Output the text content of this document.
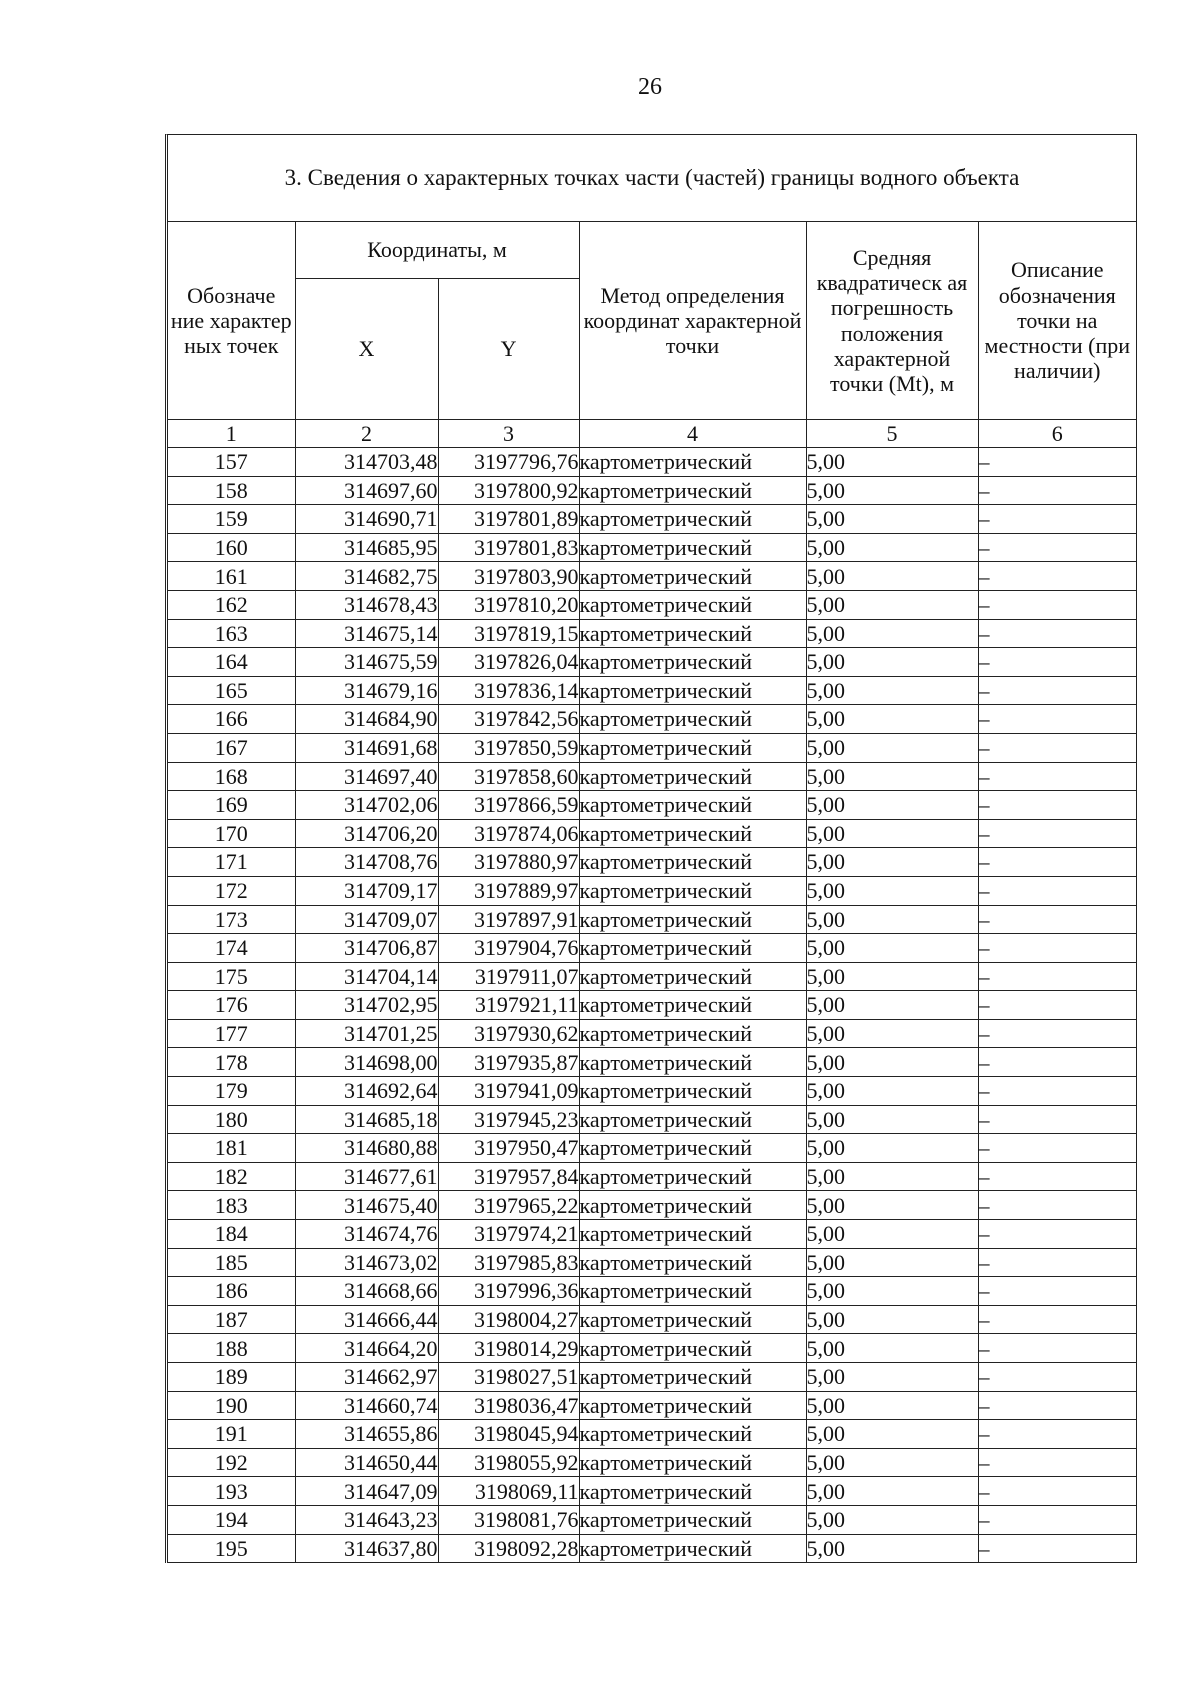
26
3. Сведения о характерных точках части (частей) границы водного объекта
Обозначе ние характер ных точек	Координаты, м		Метод определения координат характерной точки	Средняя квадратическ ая погрешность положения характерной точки (Mt), м	Описание обозначения точки на местности (при наличии)
	X	Y			
1	2	3	4	5	6
157	314703,48	3197796,76	картометрический	5,00	–
158	314697,60	3197800,92	картометрический	5,00	–
159	314690,71	3197801,89	картометрический	5,00	–
160	314685,95	3197801,83	картометрический	5,00	–
161	314682,75	3197803,90	картометрический	5,00	–
162	314678,43	3197810,20	картометрический	5,00	–
163	314675,14	3197819,15	картометрический	5,00	–
164	314675,59	3197826,04	картометрический	5,00	–
165	314679,16	3197836,14	картометрический	5,00	–
166	314684,90	3197842,56	картометрический	5,00	–
167	314691,68	3197850,59	картометрический	5,00	–
168	314697,40	3197858,60	картометрический	5,00	–
169	314702,06	3197866,59	картометрический	5,00	–
170	314706,20	3197874,06	картометрический	5,00	–
171	314708,76	3197880,97	картометрический	5,00	–
172	314709,17	3197889,97	картометрический	5,00	–
173	314709,07	3197897,91	картометрический	5,00	–
174	314706,87	3197904,76	картометрический	5,00	–
175	314704,14	3197911,07	картометрический	5,00	–
176	314702,95	3197921,11	картометрический	5,00	–
177	314701,25	3197930,62	картометрический	5,00	–
178	314698,00	3197935,87	картометрический	5,00	–
179	314692,64	3197941,09	картометрический	5,00	–
180	314685,18	3197945,23	картометрический	5,00	–
181	314680,88	3197950,47	картометрический	5,00	–
182	314677,61	3197957,84	картометрический	5,00	–
183	314675,40	3197965,22	картометрический	5,00	–
184	314674,76	3197974,21	картометрический	5,00	–
185	314673,02	3197985,83	картометрический	5,00	–
186	314668,66	3197996,36	картометрический	5,00	–
187	314666,44	3198004,27	картометрический	5,00	–
188	314664,20	3198014,29	картометрический	5,00	–
189	314662,97	3198027,51	картометрический	5,00	–
190	314660,74	3198036,47	картометрический	5,00	–
191	314655,86	3198045,94	картометрический	5,00	–
192	314650,44	3198055,92	картометрический	5,00	–
193	314647,09	3198069,11	картометрический	5,00	–
194	314643,23	3198081,76	картометрический	5,00	–
195	314637,80	3198092,28	картометрический	5,00	–
